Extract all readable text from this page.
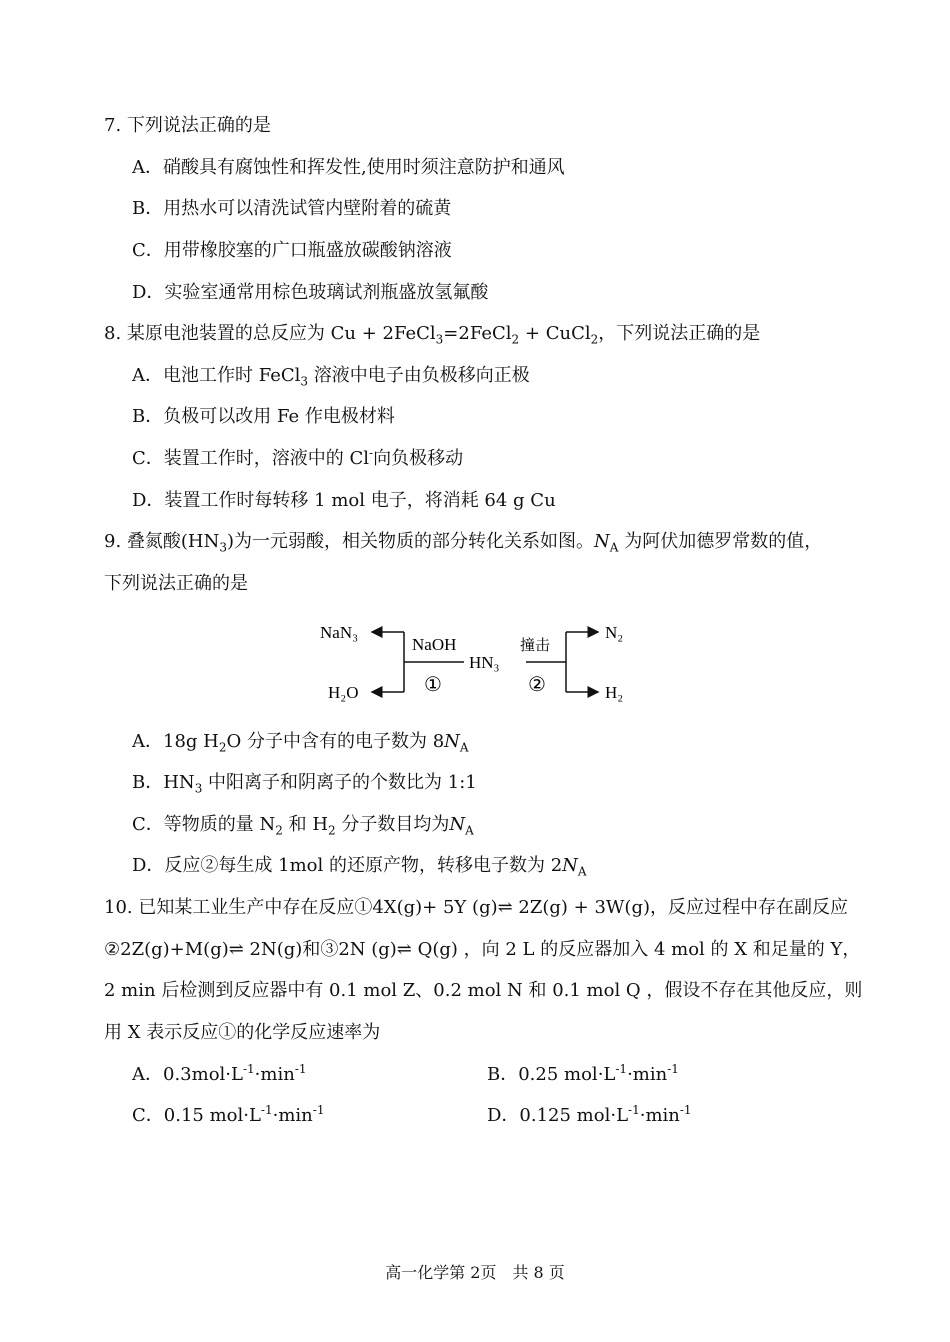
7. 下列说法正确的是
A．硝酸具有腐蚀性和挥发性,使用时须注意防护和通风
B．用热水可以清洗试管内壁附着的硫黄
C．用带橡胶塞的广口瓶盛放碳酸钠溶液
D．实验室通常用棕色玻璃试剂瓶盛放氢氟酸
8. 某原电池装置的总反应为 Cu + 2FeCl$_3$=2FeCl$_2$ + CuCl$_2$，下列说法正确的是
A．电池工作时 FeCl$_3$ 溶液中电子由负极移向正极
B．负极可以改用 Fe 作电极材料
C．装置工作时，溶液中的 Cl-向负极移动
D．装置工作时每转移 1 mol 电子，将消耗 64 g Cu
9. 叠氮酸$(HN_3)$为一元弱酸，相关物质的部分转化关系如图。$N_A$ 为阿伏加德罗常数的值，
下列说法正确的是
NaN₃
H₂O
NaOH
①
HN₃
撞击
②
N₂
H₂
A．18g $H_2O$ 分子中含有的电子数为 $8N_A$
B．$HN_3$ 中阳离子和阴离子的个数比为 1:1
C．等物质的量 $N_2$ 和 $H_2$ 分子数目均为$N_A$
D．反应②每生成 1mol 的还原产物，转移电子数为 $2N_A$
10. 已知某工业生产中存在反应①4X(g)+ 5Y (g)⇌ 2Z(g) + 3W(g)，反应过程中存在副反应
②2Z(g)+M(g)⇌ 2N(g)和③2N (g)⇌ Q(g) ，向 2 L 的反应器加入 4 mol 的 X 和足量的 Y，
2 min 后检测到反应器中有 0.1 mol Z、0.2 mol N 和 0.1 mol Q ，假设不存在其他反应，则
用 X 表示反应①的化学反应速率为
A．$0.3mol\cdot L^{-1}\cdot\min^{-1}$	B．0.25 $mol\cdot L^{-1}\cdot\min^{-1}$
C．0.15 $mol\cdot L^{-1}\cdot\min^{-1}$	D．0.125 $mol\cdot L^{-1}\cdot\min^{-1}$
高一化学第 2页　共 8 页
